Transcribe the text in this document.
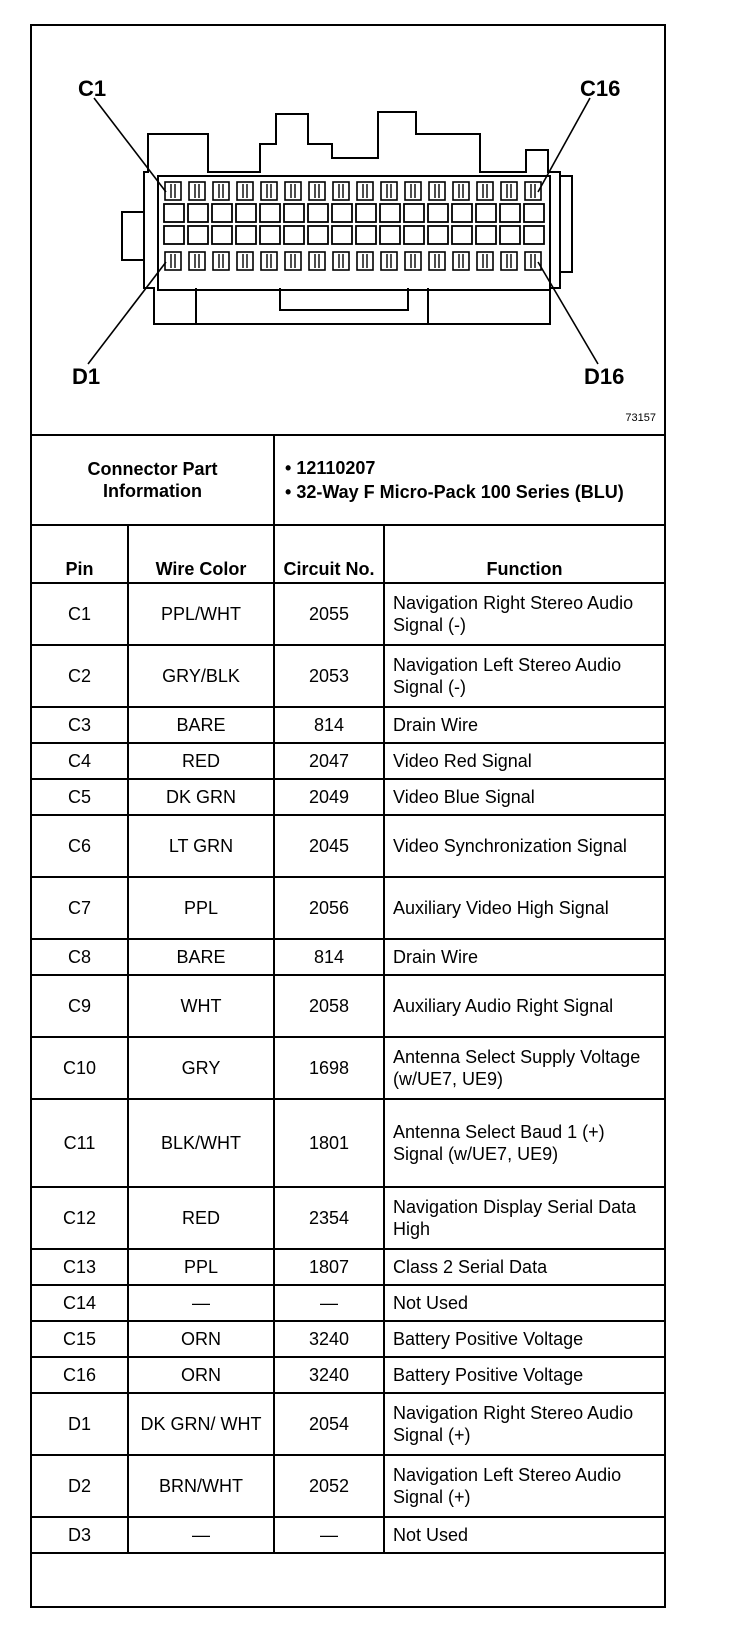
C1	C16
D1	D16
73157
Connector Part Information		• 12110207
• 32-Way F Micro-Pack 100 Series (BLU)	

Pin	Wire Color	Circuit No.	Function
C1	PPL/WHT	2055	Navigation Right Stereo Audio Signal (-)
C2	GRY/BLK	2053	Navigation Left Stereo Audio Signal (-)
C3	BARE	814	Drain Wire
C4	RED	2047	Video Red Signal
C5	DK GRN	2049	Video Blue Signal
C6	LT GRN	2045	Video Synchronization Signal
C7	PPL	2056	Auxiliary Video High Signal
C8	BARE	814	Drain Wire
C9	WHT	2058	Auxiliary Audio Right Signal
C10	GRY	1698	Antenna Select Supply Voltage (w/UE7, UE9)
C11	BLK/WHT	1801	Antenna Select Baud 1 (+) Signal (w/UE7, UE9)
C12	RED	2354	Navigation Display Serial Data High
C13	PPL	1807	Class 2 Serial Data
C14	—	—	Not Used
C15	ORN	3240	Battery Positive Voltage
C16	ORN	3240	Battery Positive Voltage
D1	DK GRN/ WHT	2054	Navigation Right Stereo Audio Signal (+)
D2	BRN/WHT	2052	Navigation Left Stereo Audio Signal (+)
D3	—	—	Not Used
